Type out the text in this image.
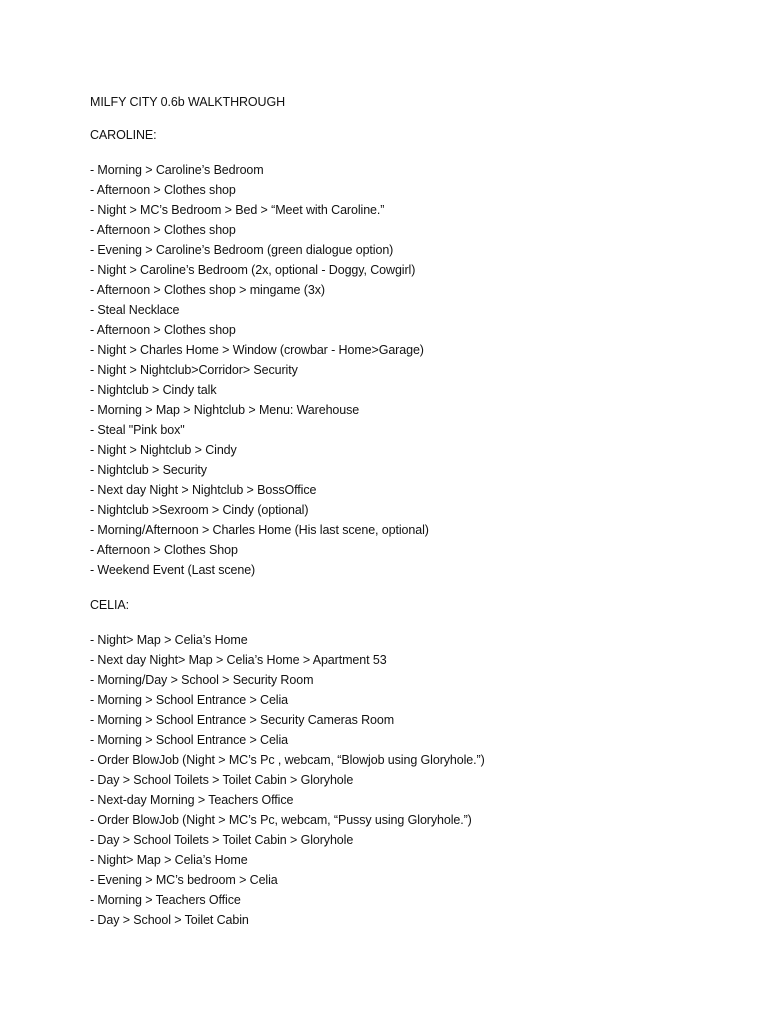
MILFY CITY 0.6b WALKTHROUGH
CAROLINE:
- Morning > Caroline’s Bedroom
- Afternoon > Clothes shop
- Night > MC’s Bedroom > Bed > “Meet with Caroline.”
- Afternoon > Clothes shop
- Evening > Caroline’s Bedroom (green dialogue option)
- Night > Caroline’s Bedroom (2x, optional - Doggy, Cowgirl)
- Afternoon > Clothes shop > mingame (3x)
- Steal Necklace
- Afternoon > Clothes shop
- Night > Charles Home > Window (crowbar - Home>Garage)
- Night > Nightclub>Corridor> Security
- Nightclub > Cindy talk
- Morning > Map > Nightclub > Menu: Warehouse
- Steal "Pink box"
- Night > Nightclub > Cindy
- Nightclub > Security
- Next day Night > Nightclub > BossOffice
- Nightclub >Sexroom > Cindy (optional)
- Morning/Afternoon > Charles Home (His last scene, optional)
- Afternoon > Clothes Shop
- Weekend Event (Last scene)
CELIA:
- Night> Map > Celia’s Home
- Next day Night> Map > Celia’s Home > Apartment 53
- Morning/Day > School > Security Room
- Morning > School Entrance > Celia
- Morning > School Entrance > Security Cameras Room
- Morning > School Entrance > Celia
- Order BlowJob (Night > MC’s Pc , webcam, “Blowjob using Gloryhole.”)
- Day > School Toilets > Toilet Cabin > Gloryhole
- Next-day Morning > Teachers Office
- Order BlowJob (Night > MC’s Pc, webcam, “Pussy using Gloryhole.”)
- Day > School Toilets > Toilet Cabin > Gloryhole
- Night> Map > Celia’s Home
- Evening > MC’s bedroom > Celia
- Morning > Teachers Office
- Day > School > Toilet Cabin
